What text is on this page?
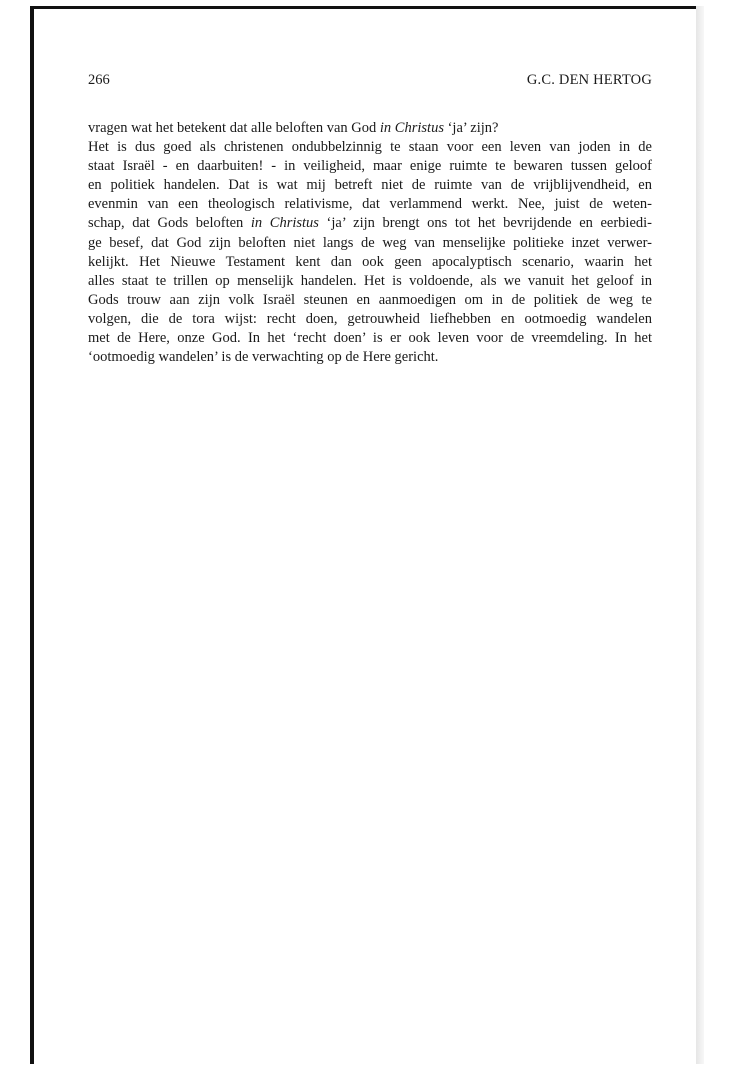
266	G.C. DEN HERTOG
vragen wat het betekent dat alle beloften van God in Christus ‘ja’ zijn?
Het is dus goed als christenen ondubbelzinnig te staan voor een leven van joden in de
staat Israël - en daarbuiten! - in veiligheid, maar enige ruimte te bewaren tussen geloof
en politiek handelen. Dat is wat mij betreft niet de ruimte van de vrijblijvendheid, en
evenmin van een theologisch relativisme, dat verlammend werkt. Nee, juist de weten-
schap, dat Gods beloften in Christus ‘ja’ zijn brengt ons tot het bevrijdende en eerbiedi-
ge besef, dat God zijn beloften niet langs de weg van menselijke politieke inzet verwer-
kelijkt. Het Nieuwe Testament kent dan ook geen apocalyptisch scenario, waarin het
alles staat te trillen op menselijk handelen. Het is voldoende, als we vanuit het geloof in
Gods trouw aan zijn volk Israël steunen en aanmoedigen om in de politiek de weg te
volgen, die de tora wijst: recht doen, getrouwheid liefhebben en ootmoedig wandelen
met de Here, onze God. In het ‘recht doen’ is er ook leven voor de vreemdeling. In het
‘ootmoedig wandelen’ is de verwachting op de Here gericht.
